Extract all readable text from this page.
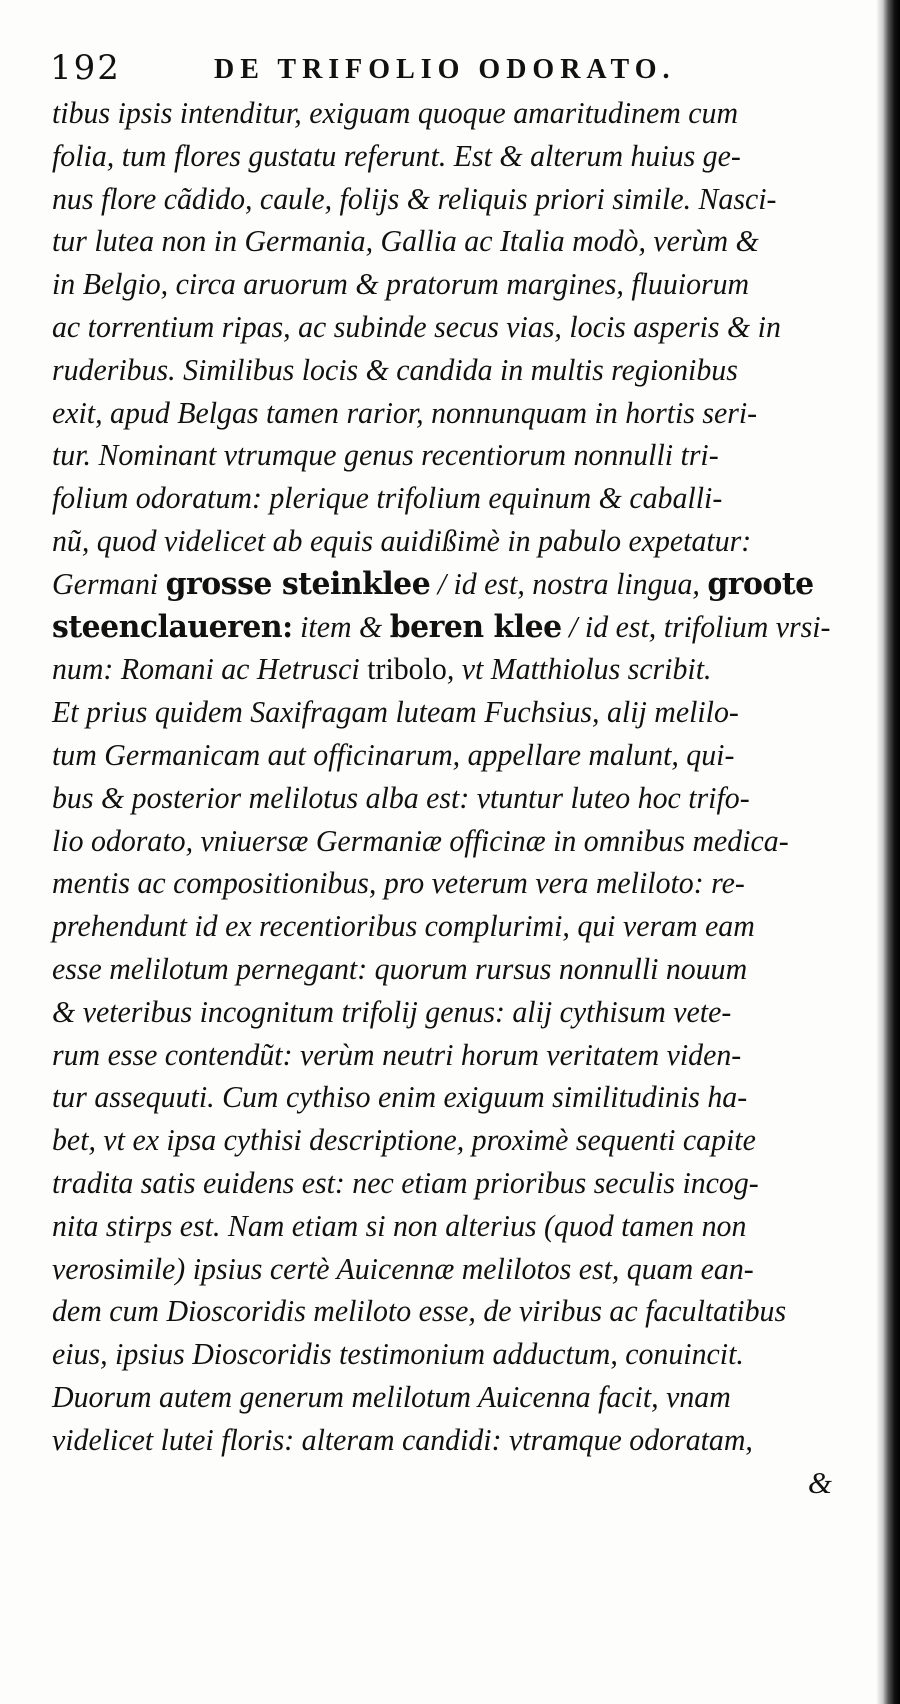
192	DE TRIFOLIO ODORATO.
tibus ipsis intenditur, exiguam quoque amaritudinem cum
folia, tum flores gustatu referunt. Est & alterum huius ge-
nus flore cãdido, caule, folijs & reliquis priori simile. Nasci-
tur lutea non in Germania, Gallia ac Italia modò, verùm &
in Belgio, circa aruorum & pratorum margines, fluuiorum
ac torrentium ripas, ac subinde secus vias, locis asperis & in
ruderibus. Similibus locis & candida in multis regionibus
exit, apud Belgas tamen rarior, nonnunquam in hortis seri-
tur. Nominant vtrumque genus recentiorum nonnulli tri-
folium odoratum: plerique trifolium equinum & caballi-
nũ, quod videlicet ab equis auidißimè in pabulo expetatur:
Germani grosse steinklee / id est, nostra lingua, groote
steenclaueren: item & beren klee / id est, trifolium vrsi-
num: Romani ac Hetrusci tribolo, vt Matthiolus scribit.
Et prius quidem Saxifragam luteam Fuchsius, alij melilo-
tum Germanicam aut officinarum, appellare malunt, qui-
bus & posterior melilotus alba est: vtuntur luteo hoc trifo-
lio odorato, vniuersæ Germaniæ officinæ in omnibus medica-
mentis ac compositionibus, pro veterum vera meliloto: re-
prehendunt id ex recentioribus complurimi, qui veram eam
esse melilotum pernegant: quorum rursus nonnulli nouum
& veteribus incognitum trifolij genus: alij cythisum vete-
rum esse contendũt: verùm neutri horum veritatem viden-
tur assequuti. Cum cythiso enim exiguum similitudinis ha-
bet, vt ex ipsa cythisi descriptione, proximè sequenti capite
tradita satis euidens est: nec etiam prioribus seculis incog-
nita stirps est. Nam etiam si non alterius (quod tamen non
verosimile) ipsius certè Auicennæ melilotos est, quam ean-
dem cum Dioscoridis meliloto esse, de viribus ac facultatibus
eius, ipsius Dioscoridis testimonium adductum, conuincit.
Duorum autem generum melilotum Auicenna facit, vnam
videlicet lutei floris: alteram candidi: vtramque odoratam,
&
